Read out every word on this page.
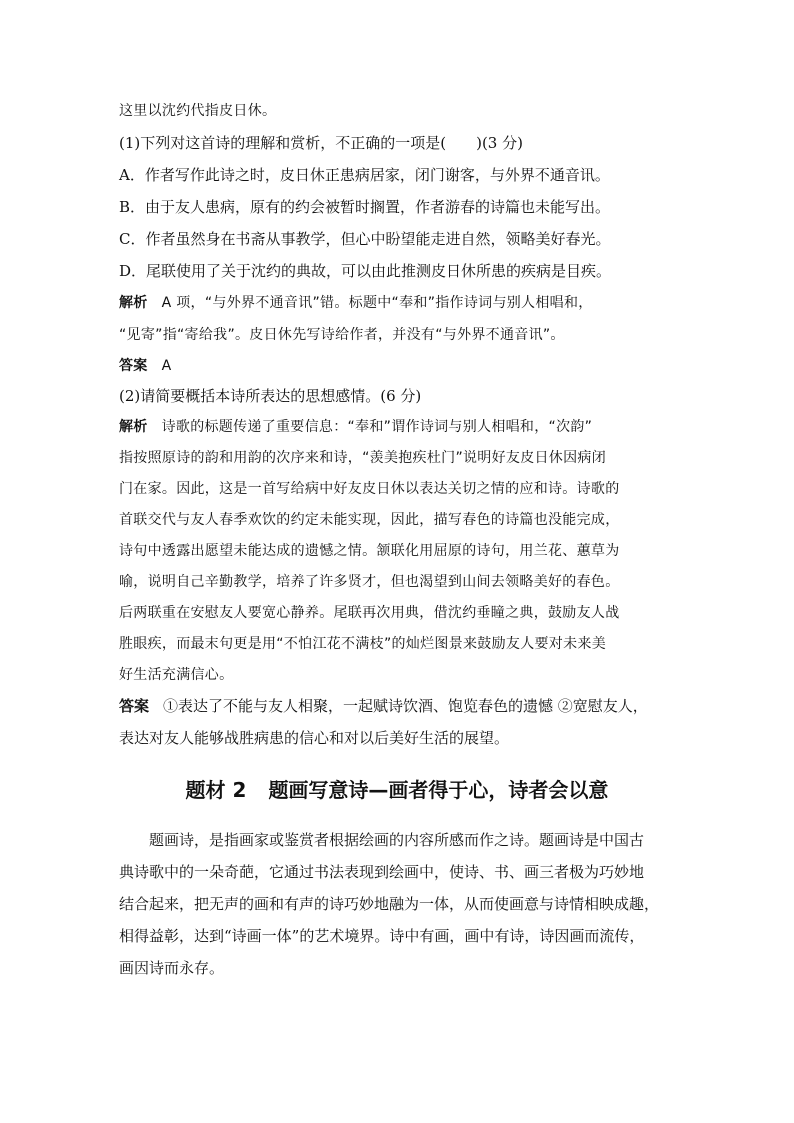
这里以沈约代指皮日休。
(1)下列对这首诗的理解和赏析，不正确的一项是(　　)(3 分)
A．作者写作此诗之时，皮日休正患病居家，闭门谢客，与外界不通音讯。
B．由于友人患病，原有的约会被暂时搁置，作者游春的诗篇也未能写出。
C．作者虽然身在书斋从事教学，但心中盼望能走进自然，领略美好春光。
D．尾联使用了关于沈约的典故，可以由此推测皮日休所患的疾病是目疾。
解析 A 项，“与外界不通音讯”错。标题中“奉和”指作诗词与别人相唱和，
“见寄”指“寄给我”。皮日休先写诗给作者，并没有“与外界不通音讯”。
答案 A
(2)请简要概括本诗所表达的思想感情。(6 分)
解析 诗歌的标题传递了重要信息：“奉和”谓作诗词与别人相唱和，“次韵”
指按照原诗的韵和用韵的次序来和诗，“羡美抱疾杜门”说明好友皮日休因病闭
门在家。因此，这是一首写给病中好友皮日休以表达关切之情的应和诗。诗歌的
首联交代与友人春季欢饮的约定未能实现，因此，描写春色的诗篇也没能完成，
诗句中透露出愿望未能达成的遗憾之情。颔联化用屈原的诗句，用兰花、蕙草为
喻，说明自己辛勤教学，培养了许多贤才，但也渴望到山间去领略美好的春色。
后两联重在安慰友人要宽心静养。尾联再次用典，借沈约垂瞳之典，鼓励友人战
胜眼疾，而最末句更是用“不怕江花不满枝”的灿烂图景来鼓励友人要对未来美
好生活充满信心。
答案 ①表达了不能与友人相聚，一起赋诗饮酒、饱览春色的遗憾 ②宽慰友人，
表达对友人能够战胜病患的信心和对以后美好生活的展望。
题材 2 题画写意诗—画者得于心，诗者会以意
　　题画诗，是指画家或鉴赏者根据绘画的内容所感而作之诗。题画诗是中国古
典诗歌中的一朵奇葩，它通过书法表现到绘画中，使诗、书、画三者极为巧妙地
结合起来，把无声的画和有声的诗巧妙地融为一体，从而使画意与诗情相映成趣，
相得益彰，达到“诗画一体”的艺术境界。诗中有画，画中有诗，诗因画而流传，
画因诗而永存。
